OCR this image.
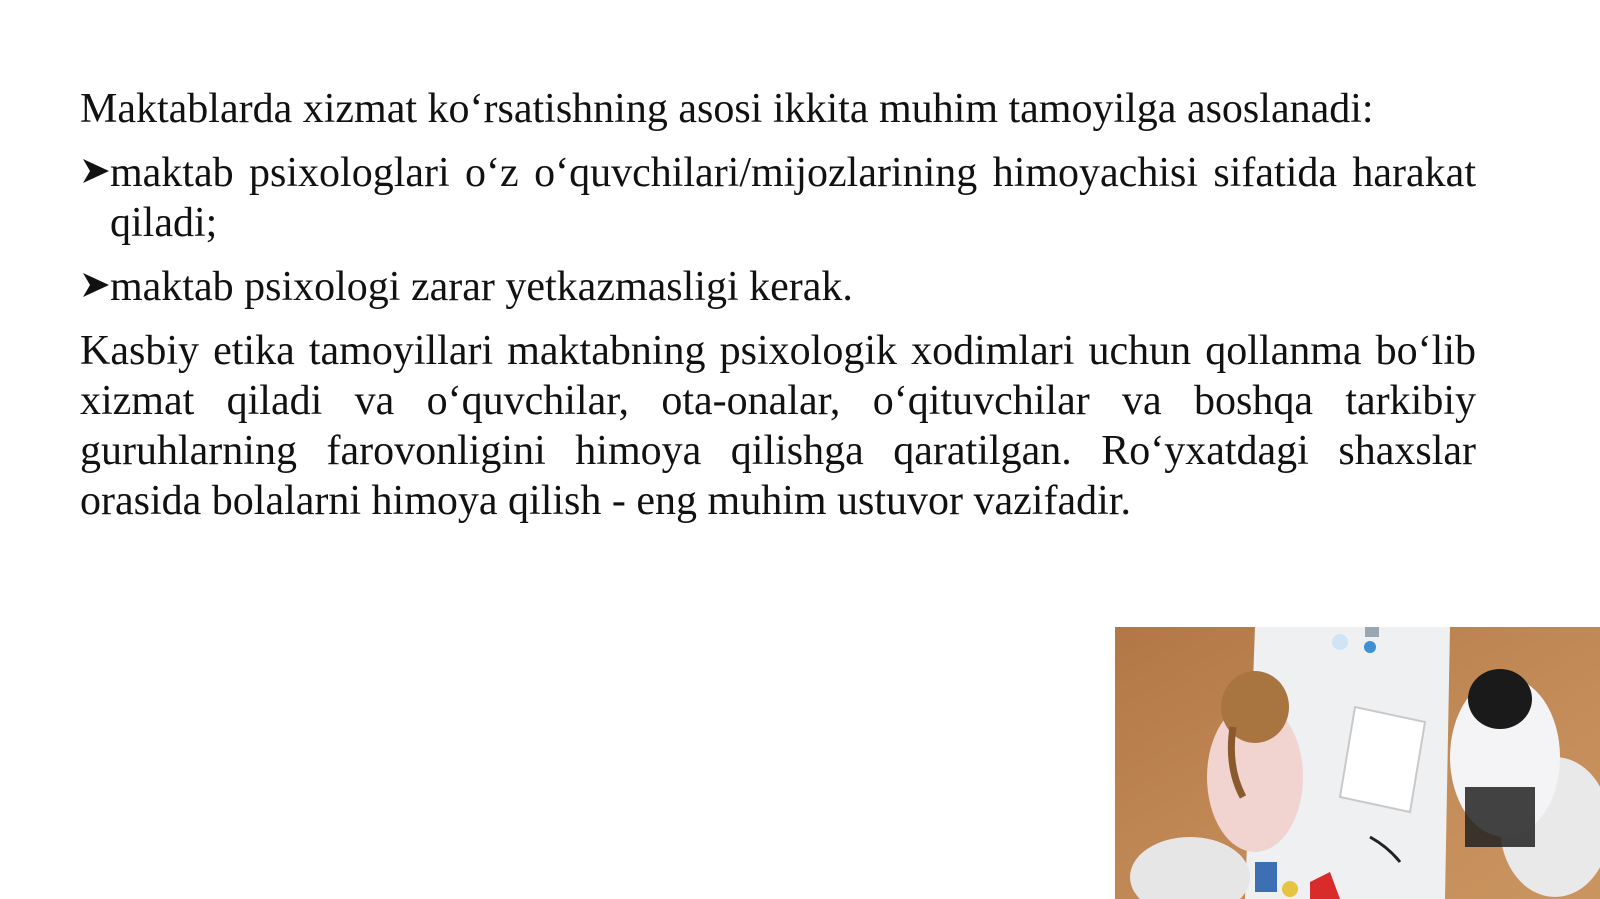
Maktablarda xizmat ko‘rsatishning asosi ikkita muhim tamoyilga asoslanadi:

maktab psixologlari o‘z o‘quvchilari/mijozlarining himoyachisi sifatida harakat qiladi;
maktab psixologi zarar yetkazmasligi kerak.

Kasbiy etika tamoyillari maktabning psixologik xodimlari uchun qollanma bo‘lib xizmat qiladi va o‘quvchilar, ota-onalar, o‘qituvchilar va boshqa tarkibiy guruhlarning farovonligini himoya qilishga qaratilgan. Ro‘yxatdagi shaxslar orasida bolalarni himoya qilish - eng muhim ustuvor vazifadir.
